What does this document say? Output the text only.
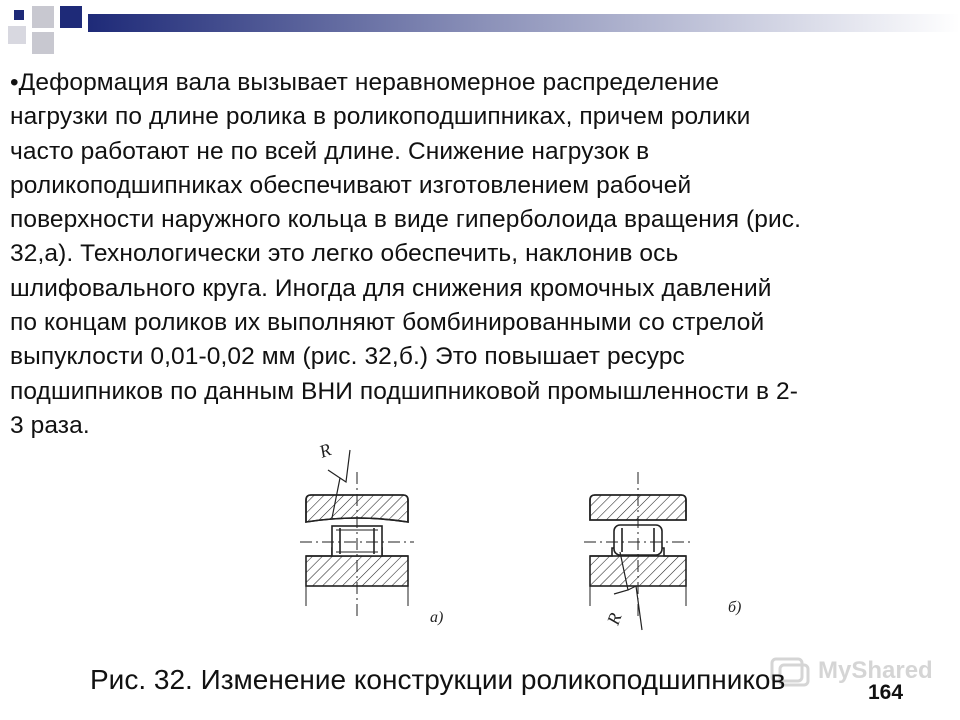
•Деформация вала вызывает неравномерное распределение
нагрузки по длине ролика в роликоподшипниках, причем ролики
часто работают не по всей длине. Снижение нагрузок в
роликоподшипниках обеспечивают изготовлением рабочей
поверхности наружного кольца в виде гиперболоида вращения (рис.
32,а). Технологически это легко обеспечить, наклонив ось
шлифовального круга. Иногда для снижения кромочных давлений
по концам роликов их выполняют бомбинированными со стрелой
выпуклости 0,01-0,02 мм (рис. 32,б.) Это повышает ресурс
подшипников по данным ВНИ подшипниковой промышленности в 2-
3 раза.
R
а)	R
б)
MyShared
Рис. 32. Изменение конструкции роликоподшипников	164
